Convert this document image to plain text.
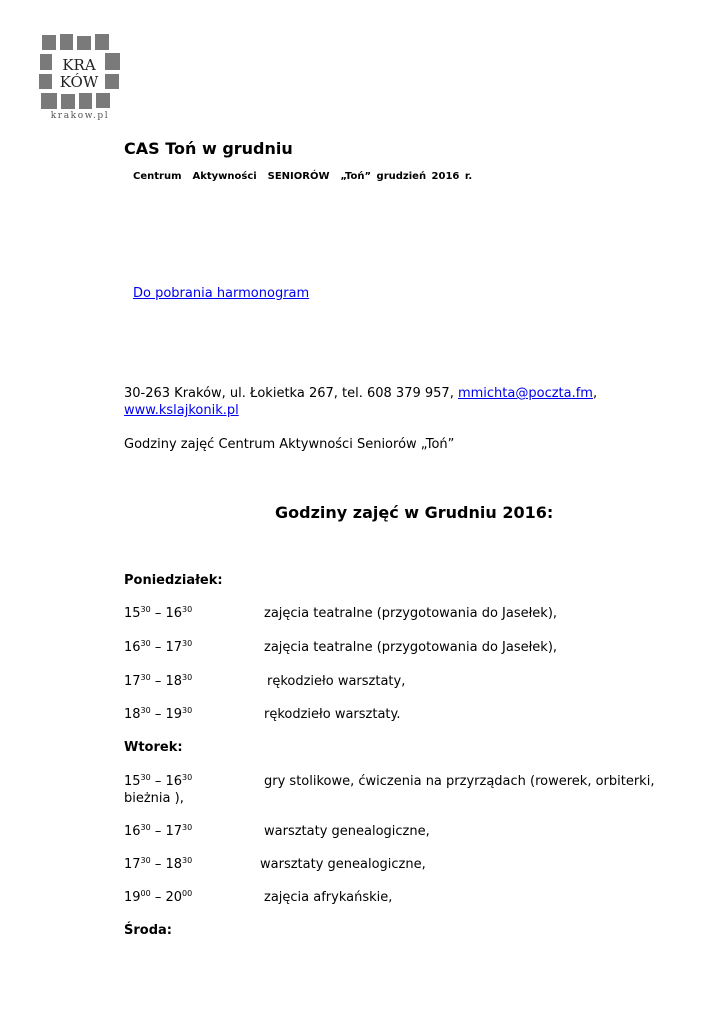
KRA
KÓW
krakow.pl
CAS Toń w grudniu
Centrum  Aktywności  SENIORÓW  „Toń” grudzień 2016 r.
Do pobrania harmonogram
30-263 Kraków, ul. Łokietka 267, tel. 608 379 957, mmichta@poczta.fm,
www.kslajkonik.pl
Godziny zajęć Centrum Aktywności Seniorów „Toń”
Godziny zajęć w Grudniu 2016:
Poniedziałek:
$15^{30} - 16^{30}$	zajęcia teatralne (przygotowania do Jasełek),
$16^{30} - 17^{30}$	zajęcia teatralne (przygotowania do Jasełek),
$17^{30} - 18^{30}$	rękodzieło warsztaty,
$18^{30} - 19^{30}$	rękodzieło warsztaty.
Wtorek:
$15^{30} - 16^{30}$	gry stolikowe, ćwiczenia na przyrządach (rowerek, orbiterki,
bieżnia ),
$16^{30} - 17^{30}$	warsztaty genealogiczne,
$17^{30} - 18^{30}$	warsztaty genealogiczne,
$19^{00} - 20^{00}$	zajęcia afrykańskie,
Środa:
